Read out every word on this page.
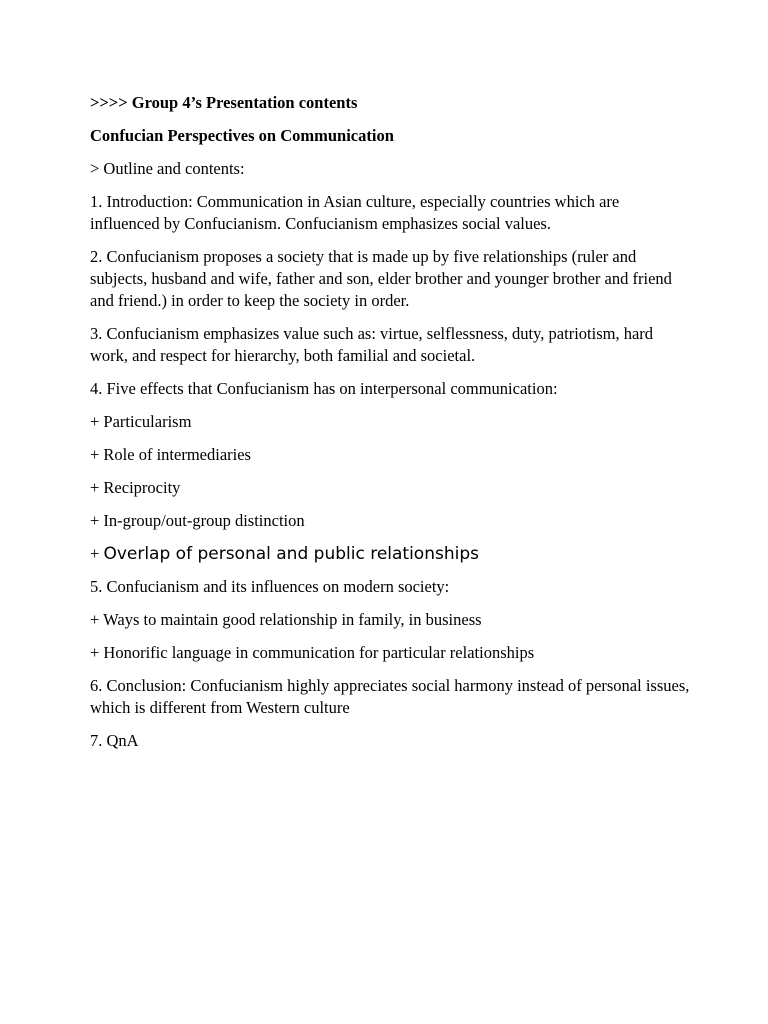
>>>> Group 4’s Presentation contents

Confucian Perspectives on Communication

> Outline and contents:

1. Introduction: Communication in Asian culture, especially countries which are influenced by Confucianism. Confucianism emphasizes social values.

2. Confucianism proposes a society that is made up by five relationships (ruler and subjects, husband and wife, father and son, elder brother and younger brother and friend and friend.) in order to keep the society in order.

3. Confucianism emphasizes value such as: virtue, selflessness, duty, patriotism, hard work, and respect for hierarchy, both familial and societal.

4. Five effects that Confucianism has on interpersonal communication:

+ Particularism

+ Role of intermediaries

+ Reciprocity

+ In-group/out-group distinction

+ Overlap of personal and public relationships

5. Confucianism and its influences on modern society:

+ Ways to maintain good relationship in family, in business

+ Honorific language in communication for particular relationships

6. Conclusion: Confucianism highly appreciates social harmony instead of personal issues, which is different from Western culture

7. QnA
